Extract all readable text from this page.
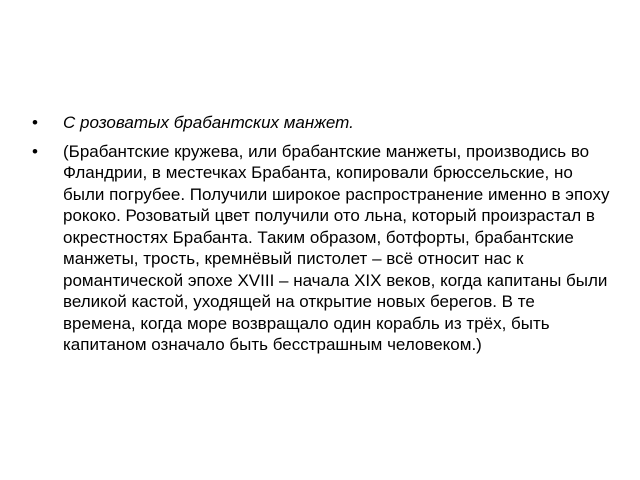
•	С розоватых брабантских манжет.
•	(Брабантские кружева, или брабантские манжеты, производись во Фландрии, в местечках Брабанта, копировали брюссельские, но были погрубее. Получили широкое распространение именно в эпоху рококо. Розоватый цвет получили ото льна, который произрастал в окрестностях Брабанта. Таким образом, ботфорты, брабантские манжеты, трость, кремнёвый пистолет – всё относит нас к романтической эпохе XVIII – начала XIX веков, когда капитаны были великой кастой, уходящей на открытие новых берегов. В те времена, когда море возвращало один корабль из трёх, быть капитаном означало быть бесстрашным человеком.)
